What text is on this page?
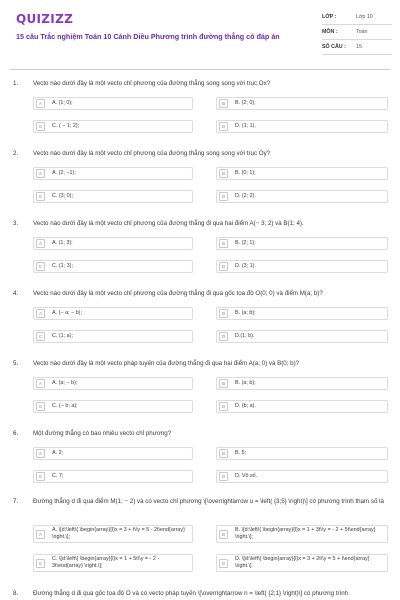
QUIZIZZ
15 câu Trắc nghiệm Toán 10 Cánh Diều Phương trình đường thẳng có đáp án
LỚP :	Lớp 10
MÔN :	Toán
SỐ CÂU :	15
1. Vecto nào dưới đây là một vecto chỉ phương của đường thẳng song song với trục Ox?
A	A. (1; 0);	B	B. (2; 0);
C	C. ( − 1; 2);	D	D. (1; 1).
2. Vecto nào dưới đây là một vecto chỉ phương của đường thẳng song song với trục Oy?
A	A. (2; −1);	B	B. (0; 1);
C	C. (3; 0);	D	D. (2; 2).
3. Vecto nào dưới đây là một vecto chỉ phương của đường thẳng đi qua hai điểm A(− 3; 2) và B(1; 4).
A	A. (1; 3);	B	B. (2; 1);
C	C. (1; 3);	D	D. (3; 1).
4. Vecto nào dưới đây là một vecto chỉ phương của đường thẳng đi qua gốc tọa độ O(0; 0) và điểm M(a; b)?
A	A. (− a; − b);	B	B. (a; b);
C	C. (1; a);	D	D.(1; b).
5. Vecto nào dưới đây là một vecto pháp tuyến của đường thẳng đi qua hai điểm A(a; 0) và B(0; b)?
A	A. (a; − b);	B	B. (a; b);
C	C. (− b; a);	D	D. (b; a).
6. Một đường thẳng có bao nhiêu vecto chỉ phương?
A	A. 2;	B	B. 5;
C	C. 7;	D	D. Vô số.
7. Đường thẳng d đi qua điểm M(1; − 2) và có vecto chỉ phương \[\overrightarrow u = \left( {3;5} \right)\] có phương trình tham số là
A
A. \[d:\left\{ \begin{array}{l}x = 3 + t\\y = 5 - 2t\end{array} \right.\];	B
B. \[d:\left\{ \begin{array}{l}x = 1 + 3t\\y = - 2 + 5t\end{array} \right.\];
C
C. \[d:\left\{ \begin{array}{l}x = 1 + 5t\\y = - 2 - 3t\end{array} \right.\];	D
D. \[d:\left\{ \begin{array}{l}x = 3 + 2t\\y = 5 + t\end{array} \right.\].
8. Đường thẳng d đi qua gốc tọa độ O và có vecto pháp tuyến \[\overrightarrow n = \left( {2;1} \right)\] có phương trình
